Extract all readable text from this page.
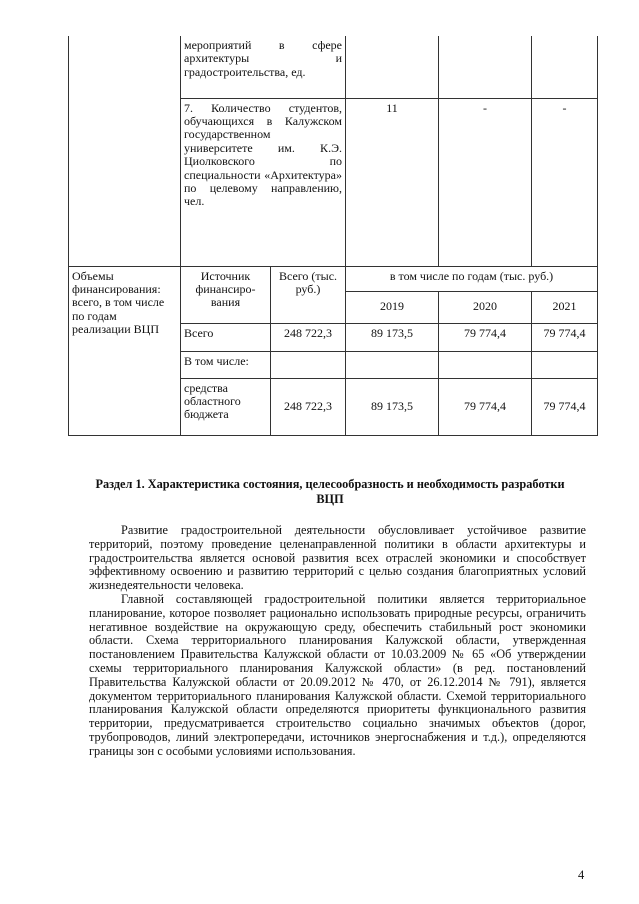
	мероприятий в сфере архитектуры и градостроительства, ед.				
	7. Количество студентов, обучающихся в Калужском государственном университете им. К.Э. Циолковского по специальности «Архитектура» по целевому направлению, чел.		11	-	-
Объемы финансирования: всего, в том числе по годам реализации ВЦП	Источник финансиро-вания	Всего (тыс. руб.)	в том числе по годам (тыс. руб.)		
			2019	2020	2021
	Всего	248 722,3	89 173,5	79 774,4	79 774,4
	В том числе:				
	средства областного бюджета	248 722,3	89 173,5	79 774,4	79 774,4
Раздел 1. Характеристика состояния, целесообразность и необходимость разработки ВЦП

Развитие градостроительной деятельности обусловливает устойчивое развитие территорий, поэтому проведение целенаправленной политики в области архитектуры и градостроительства является основой развития всех отраслей экономики и способствует эффективному освоению и развитию территорий с целью создания благоприятных условий жизнедеятельности человека.

Главной составляющей градостроительной политики является территориальное планирование, которое позволяет рационально использовать природные ресурсы, ограничить негативное воздействие на окружающую среду, обеспечить стабильный рост экономики области. Схема территориального планирования Калужской области, утвержденная постановлением Правительства Калужской области от 10.03.2009 № 65 «Об утверждении схемы территориального планирования Калужской области» (в ред. постановлений Правительства Калужской области от 20.09.2012 № 470, от 26.12.2014 № 791), является документом территориального планирования Калужской области. Схемой территориального планирования Калужской области определяются приоритеты функционального развития территории, предусматривается строительство социально значимых объектов (дорог, трубопроводов, линий электропередачи, источников энергоснабжения и т.д.), определяются границы зон с особыми условиями использования.

4
